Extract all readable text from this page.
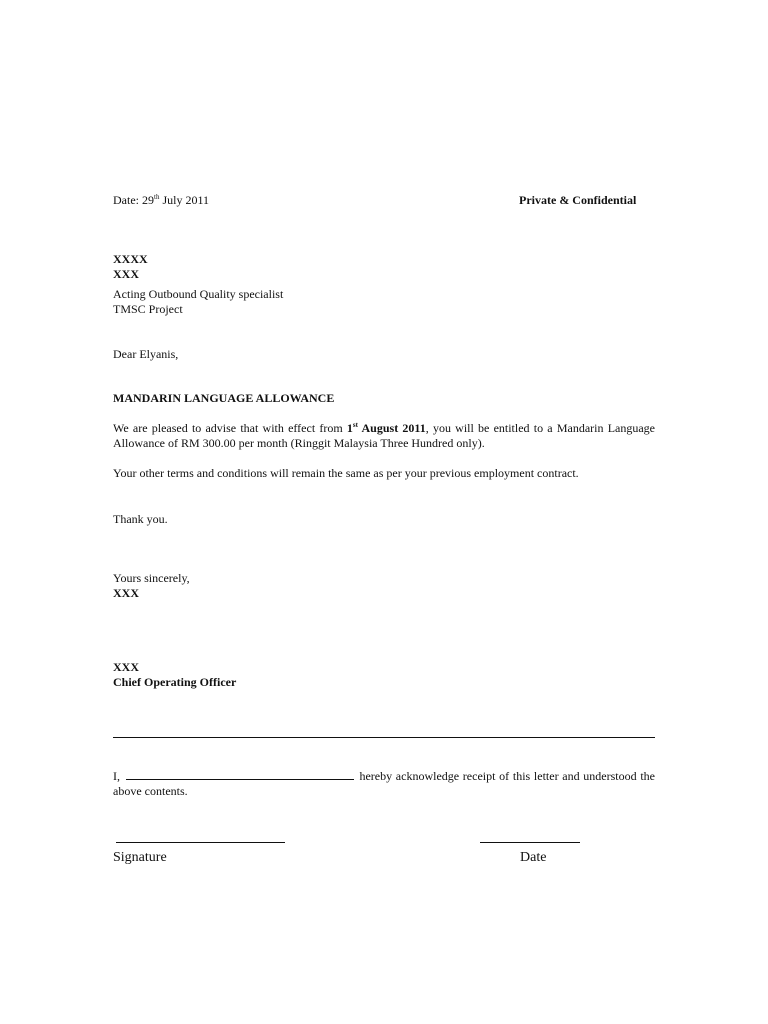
Date: 29th July 2011	Private & Confidential
XXXX
XXX
Acting Outbound Quality specialist
TMSC Project
Dear Elyanis,
MANDARIN LANGUAGE ALLOWANCE
We are pleased to advise that with effect from 1st August 2011, you will be entitled to a Mandarin Language Allowance of RM 300.00 per month (Ringgit Malaysia Three Hundred only).
Your other terms and conditions will remain the same as per your previous employment contract.
Thank you.
Yours sincerely,
XXX
XXX
Chief Operating Officer
I,	hereby acknowledge receipt of this letter and understood the above contents.
Signature	Date
